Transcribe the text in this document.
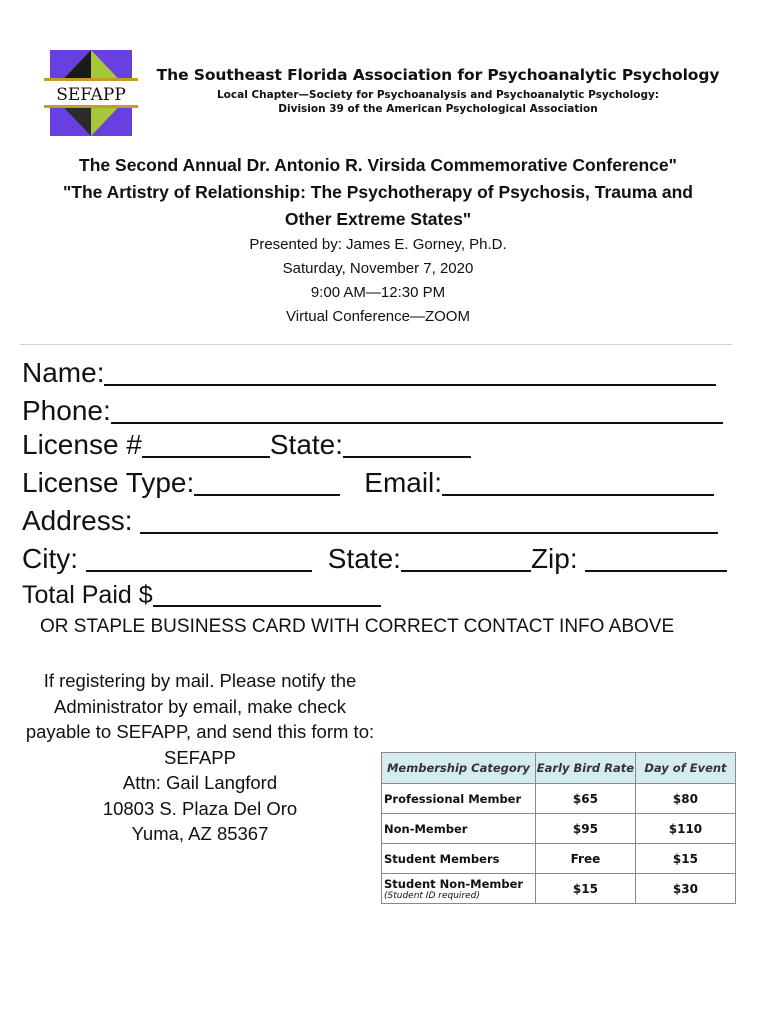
SEFAPP
The Southeast Florida Association for Psychoanalytic Psychology
Local Chapter—Society for Psychoanalysis and Psychoanalytic Psychology:
Division 39 of the American Psychological Association
The Second Annual Dr. Antonio R. Virsida Commemorative Conference"
"The Artistry of Relationship: The Psychotherapy of Psychosis, Trauma and
Other Extreme States"
Presented by: James E. Gorney, Ph.D.
Saturday, November 7, 2020
9:00 AM—12:30 PM
Virtual Conference—ZOOM
Name:
Phone:
License #	State:
License Type:	Email:
Address:
City:	State:	Zip:
Total Paid $
OR STAPLE BUSINESS CARD WITH CORRECT CONTACT INFO ABOVE

If registering by mail. Please notify the Administrator by email, make check payable to SEFAPP, and send this form to:

SEFAPP

Attn: Gail Langford

10803 S. Plaza Del Oro

Yuma, AZ 85367

Membership Category	Early Bird Rate	Day of Event
Professional Member	$65	$80
Non-Member	$95	$110
Student Members	Free	$15
Student Non-Member
(Student ID required)	$15	$30
